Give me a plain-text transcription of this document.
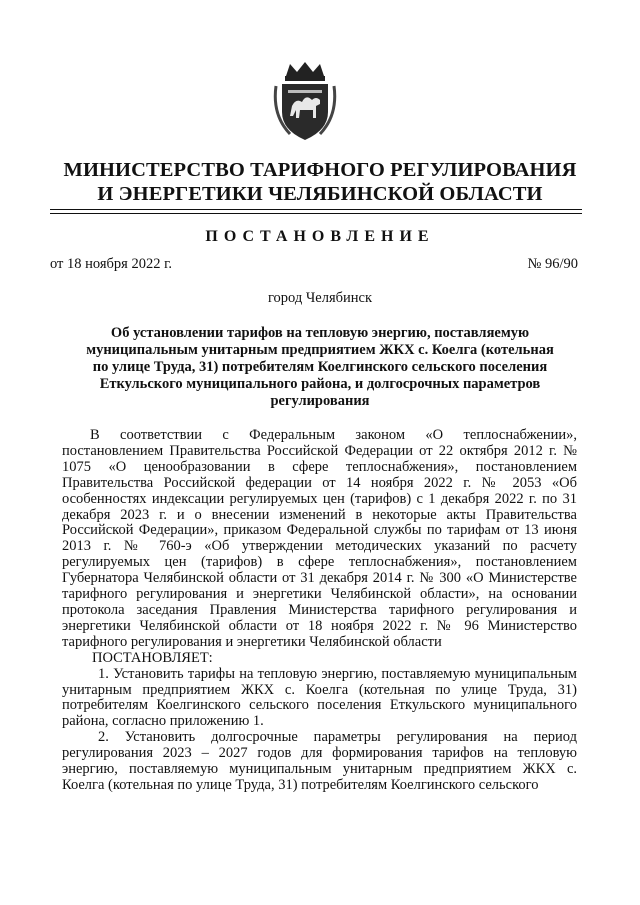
МИНИСТЕРСТВО ТАРИФНОГО РЕГУЛИРОВАНИЯ
И ЭНЕРГЕТИКИ ЧЕЛЯБИНСКОЙ ОБЛАСТИ
ПОСТАНОВЛЕНИЕ
от 18 ноября 2022 г.	№ 96/90
город Челябинск
Об установлении тарифов на тепловую энергию, поставляемую муниципальным унитарным предприятием ЖКХ с. Коелга (котельная по улице Труда, 31) потребителям Коелгинского сельского поселения Еткульского муниципального района, и долгосрочных параметров регулирования

В соответствии с Федеральным законом «О теплоснабжении», постановлением Правительства Российской Федерации от 22 октября 2012 г. № 1075 «О ценообразовании в сфере теплоснабжения», постановлением Правительства Российской федерации от 14 ноября 2022 г. № 2053 «Об особенностях индексации регулируемых цен (тарифов) с 1 декабря 2022 г. по 31 декабря 2023 г. и о внесении изменений в некоторые акты Правительства Российской Федерации», приказом Федеральной службы по тарифам от 13 июня 2013 г. № 760-э «Об утверждении методических указаний по расчету регулируемых цен (тарифов) в сфере теплоснабжения», постановлением Губернатора Челябинской области от 31 декабря 2014 г. № 300 «О Министерстве тарифного регулирования и энергетики Челябинской области», на основании протокола заседания Правления Министерства тарифного регулирования и энергетики Челябинской области от 18 ноября 2022 г. № 96 Министерство тарифного регулирования и энергетики Челябинской области

ПОСТАНОВЛЯЕТ:

1. Установить тарифы на тепловую энергию, поставляемую муниципальным унитарным предприятием ЖКХ с. Коелга (котельная по улице Труда, 31) потребителям Коелгинского сельского поселения Еткульского муниципального района, согласно приложению 1.

2. Установить долгосрочные параметры регулирования на период регулирования 2023 – 2027 годов для формирования тарифов на тепловую энергию, поставляемую муниципальным унитарным предприятием ЖКХ с. Коелга (котельная по улице Труда, 31) потребителям Коелгинского сельского
